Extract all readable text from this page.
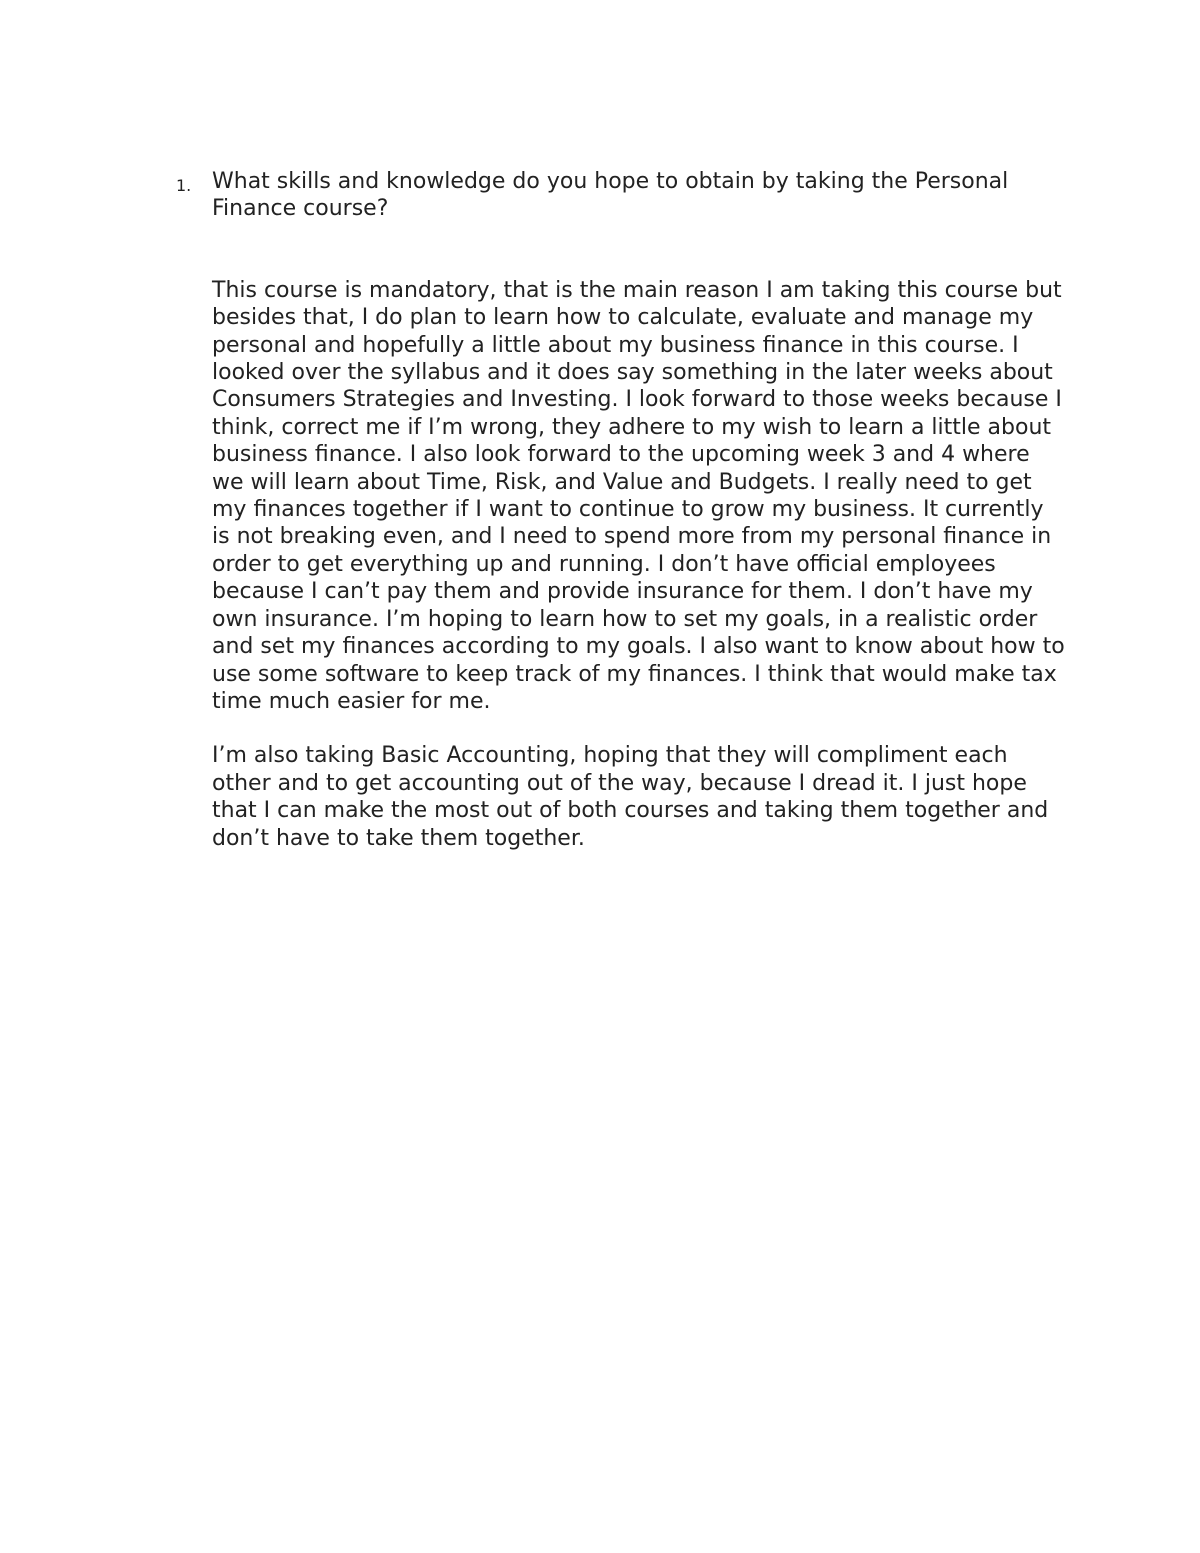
1. What skills and knowledge do you hope to obtain by taking the Personal Finance course?

This course is mandatory, that is the main reason I am taking this course but besides that, I do plan to learn how to calculate, evaluate and manage my personal and hopefully a little about my business finance in this course. I looked over the syllabus and it does say something in the later weeks about Consumers Strategies and Investing. I look forward to those weeks because I think, correct me if I’m wrong, they adhere to my wish to learn a little about business finance. I also look forward to the upcoming week 3 and 4 where we will learn about Time, Risk, and Value and Budgets. I really need to get my finances together if I want to continue to grow my business. It currently is not breaking even, and I need to spend more from my personal finance in order to get everything up and running. I don’t have official employees because I can’t pay them and provide insurance for them. I don’t have my own insurance. I’m hoping to learn how to set my goals, in a realistic order and set my finances according to my goals. I also want to know about how to use some software to keep track of my finances. I think that would make tax time much easier for me.

I’m also taking Basic Accounting, hoping that they will compliment each other and to get accounting out of the way, because I dread it. I just hope that I can make the most out of both courses and taking them together and don’t have to take them together.
